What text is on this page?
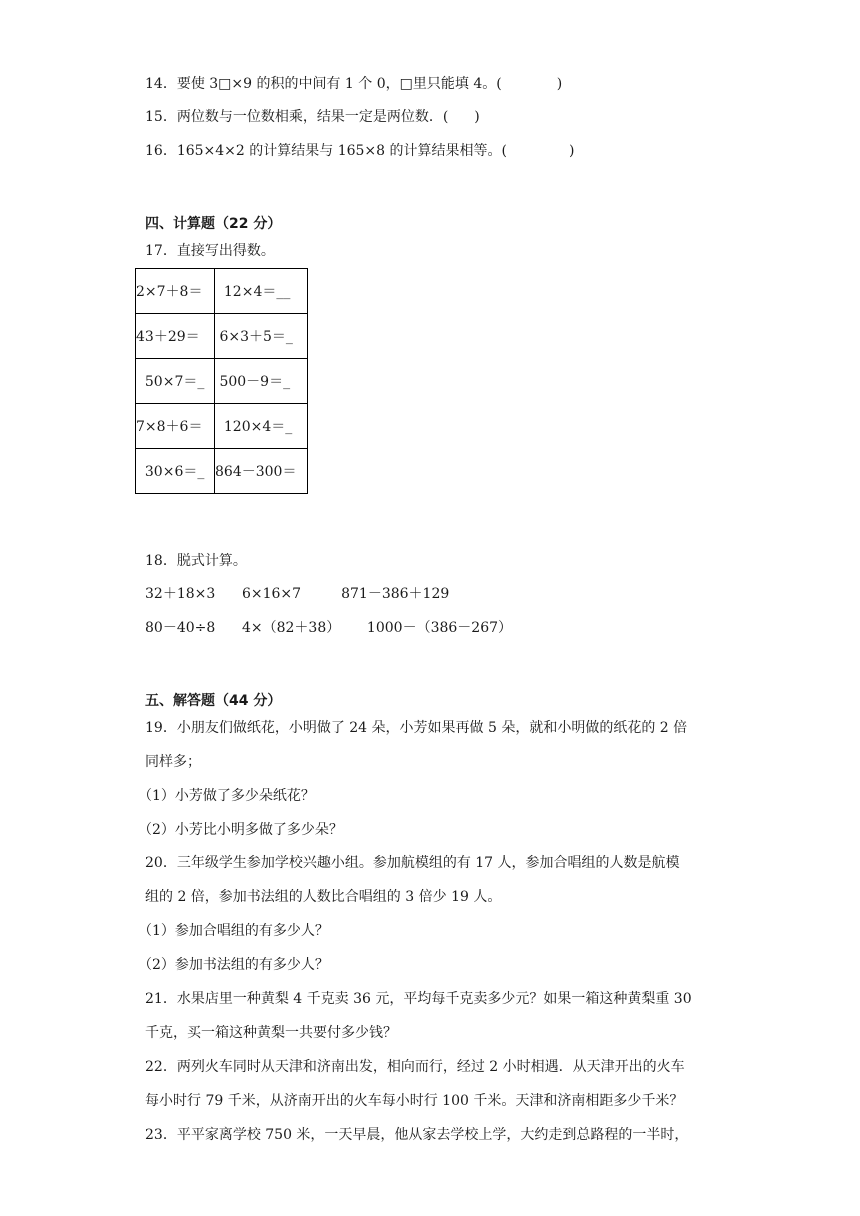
14．要使 3□×9 的积的中间有 1 个 0，□里只能填 4。(	)
15．两位数与一位数相乘，结果一定是两位数．( )
16．165×4×2 的计算结果与 165×8 的计算结果相等。(	)
四、计算题（22 分）
17．直接写出得数。
2×7＋8＝	12×4＝__
43＋29＝	6×3＋5＝_
50×7＝_	500－9＝_
7×8＋6＝	120×4＝_
30×6＝_	864－300＝
18．脱式计算。
32＋18×3      6×16×7         871－386＋129
80－40÷8      4×（82＋38）      1000－（386－267）
五、解答题（44 分）
19．小朋友们做纸花，小明做了 24 朵，小芳如果再做 5 朵，就和小明做的纸花的 2 倍
同样多；
（1）小芳做了多少朵纸花？
（2）小芳比小明多做了多少朵？
20．三年级学生参加学校兴趣小组。参加航模组的有 17 人，参加合唱组的人数是航模
组的 2 倍，参加书法组的人数比合唱组的 3 倍少 19 人。
（1）参加合唱组的有多少人？
（2）参加书法组的有多少人？
21．水果店里一种黄梨 4 千克卖 36 元，平均每千克卖多少元？如果一箱这种黄梨重 30
千克，买一箱这种黄梨一共要付多少钱？
22．两列火车同时从天津和济南出发，相向而行，经过 2 小时相遇．从天津开出的火车
每小时行 79 千米，从济南开出的火车每小时行 100 千米。天津和济南相距多少千米？
23．平平家离学校 750 米，一天早晨，他从家去学校上学，大约走到总路程的一半时，
